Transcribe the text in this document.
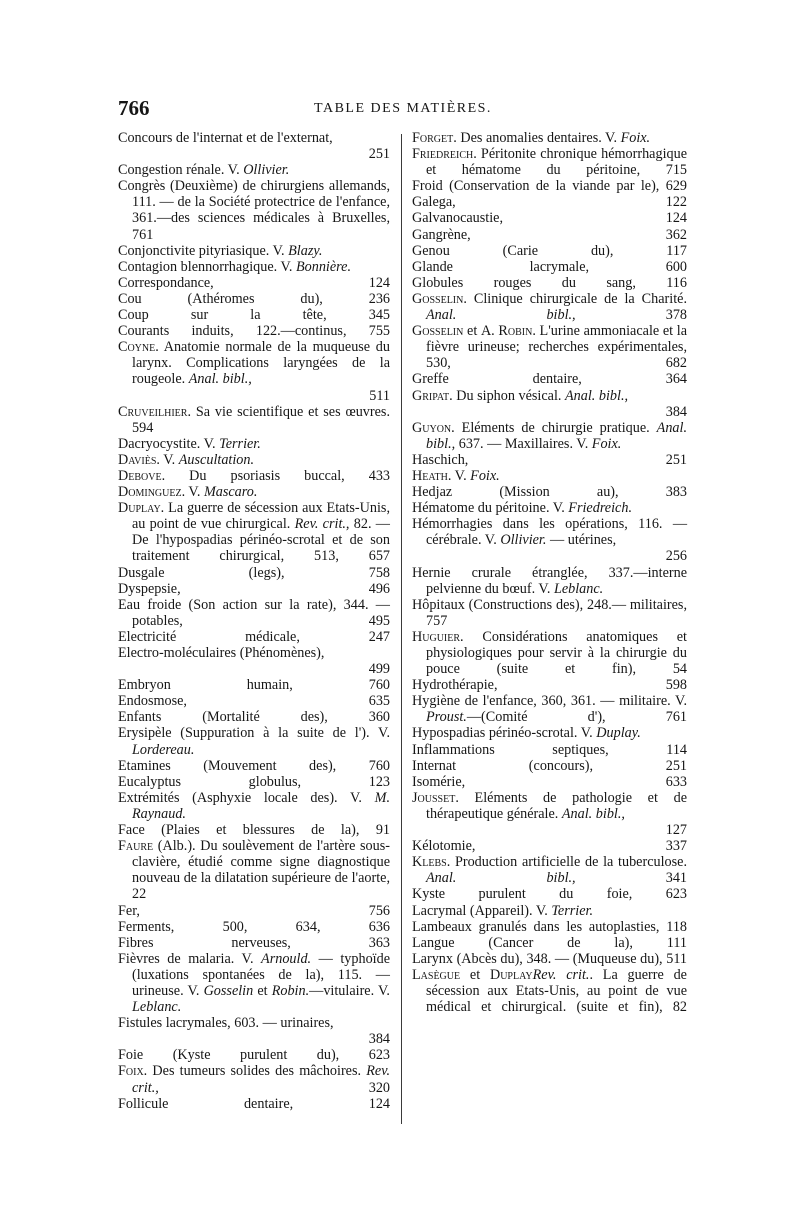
766	TABLE DES MATIÈRES.
Concours de l'internat et de l'externat,
251
Congestion rénale. V. Ollivier.
Congrès (Deuxième) de chirurgiens allemands, 111. — de la Société protectrice de l'enfance, 361.—des sciences médicales à Bruxelles, 761
Conjonctivite pityriasique. V. Blazy.
Contagion blennorrhagique. V. Bonnière.
Correspondance,	124
Cou (Athéromes du),	236
Coup sur la tête,	345
Courants induits, 122.—continus, 755
Coyne. Anatomie normale de la muqueuse du larynx. Complications laryngées de la rougeole. Anal. bibl.,
511
Cruveilhier. Sa vie scientifique et ses œuvres. 594
Dacryocystite. V. Terrier.
Daviès. V. Auscultation.
Debove. Du psoriasis buccal, 433
Dominguez. V. Mascaro.
Duplay. La guerre de sécession aux Etats-Unis, au point de vue chirurgical. Rev. crit., 82. — De l'hypospadias périnéo-scrotal et de son traitement chirurgical, 513, 657
Dusgale (legs),	758
Dyspepsie,	496
Eau froide (Son action sur la rate), 344. — potables,	495
Electricité médicale,	247
Electro-moléculaires (Phénomènes),
499
Embryon humain,	760
Endosmose,	635
Enfants (Mortalité des),	360
Erysipèle (Suppuration à la suite de l'). V. Lordereau.
Etamines (Mouvement des), 760
Eucalyptus globulus,	123
Extrémités (Asphyxie locale des). V. M. Raynaud.
Face (Plaies et blessures de la), 91
Faure (Alb.). Du soulèvement de l'artère sous-clavière, étudié comme signe diagnostique nouveau de la dilatation supérieure de l'aorte, 22
Fer,	756
Ferments,	500, 634, 636
Fibres nerveuses,	363
Fièvres de malaria. V. Arnould. — typhoïde (luxations spontanées de la), 115. — urineuse. V. Gosselin et Robin.—vitulaire. V. Leblanc.
Fistules lacrymales, 603. — urinaires,
384
Foie (Kyste purulent du), 623
Foix. Des tumeurs solides des mâchoires. Rev. crit.,	320
Follicule dentaire,	124
Forget. Des anomalies dentaires. V. Foix.
Friedreich. Péritonite chronique hémorrhagique et hématome du péritoine, 715
Froid (Conservation de la viande par le), 629
Galega,	122
Galvanocaustie,	124
Gangrène,	362
Genou (Carie du),	117
Glande lacrymale,	600
Globules rouges du sang, 116
Gosselin. Clinique chirurgicale de la Charité. Anal. bibl.,	378
Gosselin et A. Robin. L'urine ammoniacale et la fièvre urineuse; recherches expérimentales, 530, 682
Greffe dentaire,	364
Gripat. Du siphon vésical. Anal. bibl.,
384
Guyon. Eléments de chirurgie pratique. Anal. bibl., 637. — Maxillaires. V. Foix.
Haschich,	251
Heath. V. Foix.
Hedjaz (Mission au),	383
Hématome du péritoine. V. Friedreich.
Hémorrhagies dans les opérations, 116. — cérébrale. V. Ollivier. — utérines,
256
Hernie crurale étranglée, 337.—interne pelvienne du bœuf. V. Leblanc.
Hôpitaux (Constructions des), 248.— militaires, 757
Huguier. Considérations anatomiques et physiologiques pour servir à la chirurgie du pouce (suite et fin),	54
Hydrothérapie,	598
Hygiène de l'enfance, 360, 361. — militaire. V. Proust.—(Comité d'),	761
Hypospadias périnéo-scrotal. V. Duplay.
Inflammations septiques,	114
Internat (concours),	251
Isomérie,	633
Jousset. Eléments de pathologie et de thérapeutique générale. Anal. bibl.,
127
Kélotomie,	337
Klebs. Production artificielle de la tuberculose. Anal. bibl.,	341
Kyste purulent du foie, 623
Lacrymal (Appareil). V. Terrier.
Lambeaux granulés dans les autoplasties, 118
Langue (Cancer de la), 111
Larynx (Abcès du), 348. — (Muqueuse du), 511
Lasègue et DuplayRev. crit.. La guerre de sécession aux Etats-Unis, au point de vue médical et chirurgical. (suite et fin), 82
